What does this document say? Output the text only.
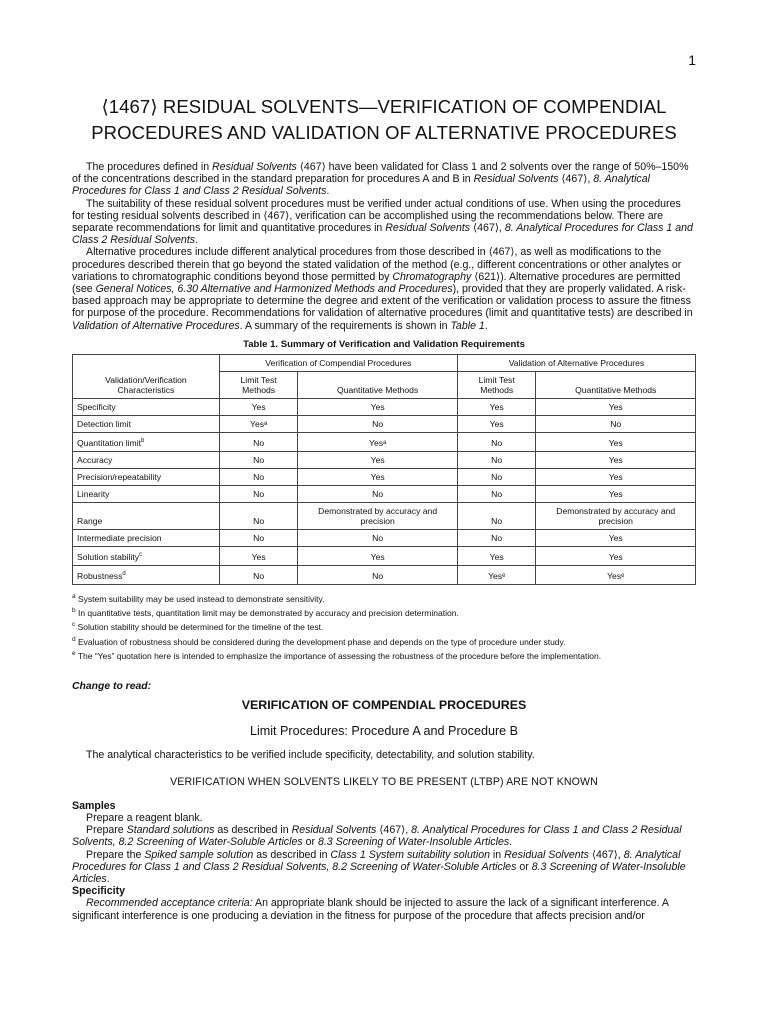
1
⟨1467⟩ RESIDUAL SOLVENTS—VERIFICATION OF COMPENDIAL PROCEDURES AND VALIDATION OF ALTERNATIVE PROCEDURES

The procedures defined in Residual Solvents ⟨467⟩ have been validated for Class 1 and 2 solvents over the range of 50%–150% of the concentrations described in the standard preparation for procedures A and B in Residual Solvents ⟨467⟩, 8. Analytical Procedures for Class 1 and Class 2 Residual Solvents.

The suitability of these residual solvent procedures must be verified under actual conditions of use. When using the procedures for testing residual solvents described in ⟨467⟩, verification can be accomplished using the recommendations below. There are separate recommendations for limit and quantitative procedures in Residual Solvents ⟨467⟩, 8. Analytical Procedures for Class 1 and Class 2 Residual Solvents.

Alternative procedures include different analytical procedures from those described in ⟨467⟩, as well as modifications to the procedures described therein that go beyond the stated validation of the method (e.g., different concentrations or other analytes or variations to chromatographic conditions beyond those permitted by Chromatography ⟨621⟩). Alternative procedures are permitted (see General Notices, 6.30 Alternative and Harmonized Methods and Procedures), provided that they are properly validated. A risk-based approach may be appropriate to determine the degree and extent of the verification or validation process to assure the fitness for purpose of the procedure. Recommendations for validation of alternative procedures (limit and quantitative tests) are described in Validation of Alternative Procedures. A summary of the requirements is shown in Table 1.

Table 1. Summary of Verification and Validation Requirements
	Verification of Compendial Procedures		Validation of Alternative Procedures	
Validation/Verification Characteristics	Limit Test Methods	Quantitative Methods	Limit Test Methods	Quantitative Methods
Specificity	Yes	Yes	Yes	Yes
Detection limit	Yesᵃ	No	Yes	No
Quantitation limit$^b$	No	Yesᵃ	No	Yes
Accuracy	No	Yes	No	Yes
Precision/repeatability	No	Yes	No	Yes
Linearity	No	No	No	Yes
Range	No	Demonstrated by accuracy and precision	No	Demonstrated by accuracy and precision
Intermediate precision	No	No	No	Yes
Solution stability$^c$	Yes	Yes	Yes	Yes
Robustness$^d$	No	No	Yesᵉ	Yesᵉ
$^a$ System suitability may be used instead to demonstrate sensitivity.
$^b$ In quantitative tests, quantitation limit may be demonstrated by accuracy and precision determination.
$^c$ Solution stability should be determined for the timeline of the test.
$^d$ Evaluation of robustness should be considered during the development phase and depends on the type of procedure under study.
$^e$ The “Yes” quotation here is intended to emphasize the importance of assessing the robustness of the procedure before the implementation.
Change to read:
VERIFICATION OF COMPENDIAL PROCEDURES
Limit Procedures: Procedure A and Procedure B

The analytical characteristics to be verified include specificity, detectability, and solution stability.

VERIFICATION WHEN SOLVENTS LIKELY TO BE PRESENT (LTBP) ARE NOT KNOWN

Samples

Prepare a reagent blank.

Prepare Standard solutions as described in Residual Solvents ⟨467⟩, 8. Analytical Procedures for Class 1 and Class 2 Residual Solvents, 8.2 Screening of Water-Soluble Articles or 8.3 Screening of Water-Insoluble Articles.

Prepare the Spiked sample solution as described in Class 1 System suitability solution in Residual Solvents ⟨467⟩, 8. Analytical Procedures for Class 1 and Class 2 Residual Solvents, 8.2 Screening of Water-Soluble Articles or 8.3 Screening of Water-Insoluble Articles.

Specificity

Recommended acceptance criteria: An appropriate blank should be injected to assure the lack of a significant interference. A significant interference is one producing a deviation in the fitness for purpose of the procedure that affects precision and/or
